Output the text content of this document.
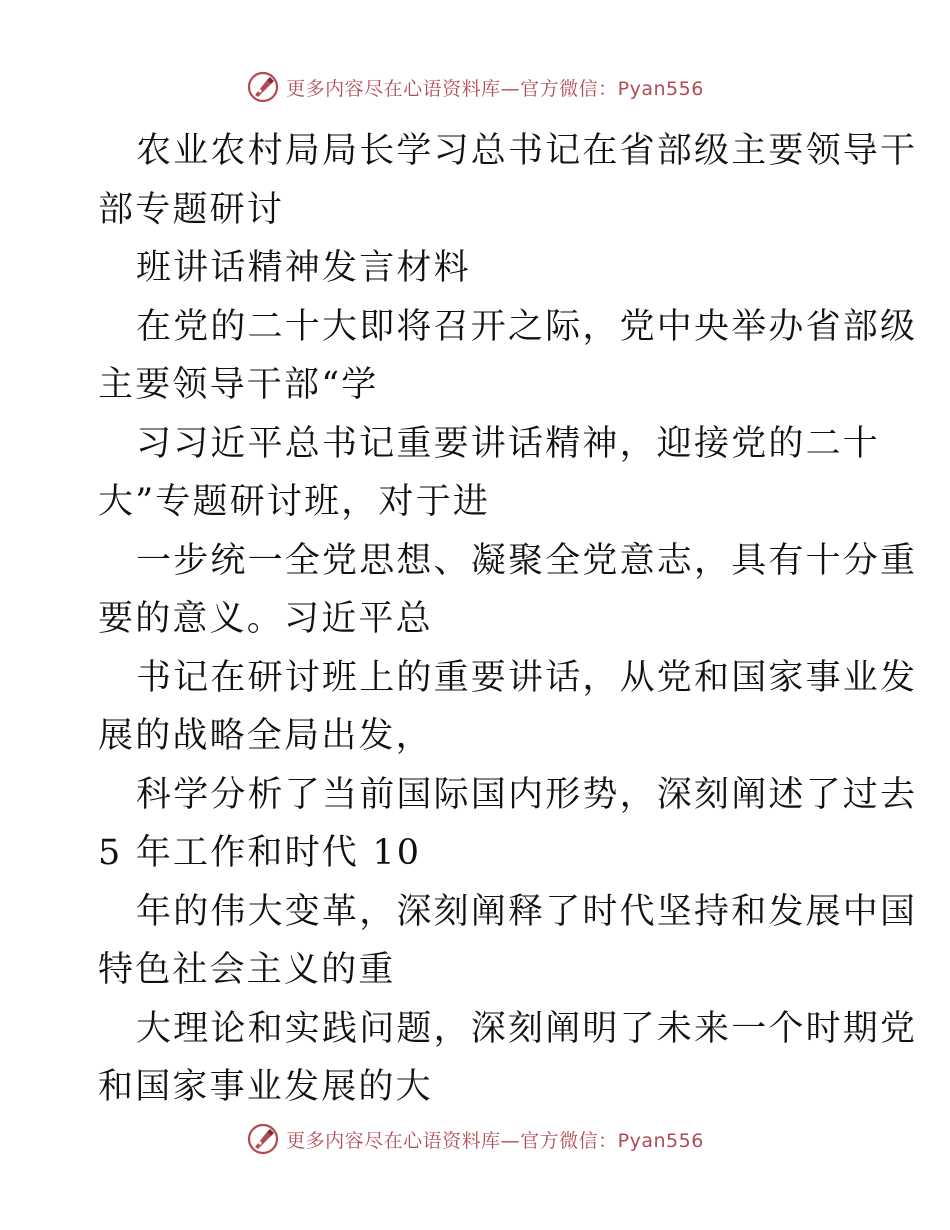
更多内容尽在心语资料库—官方微信：Pyan556
农业农村局局长学习总书记在省部级主要领导干
部专题研讨
班讲话精神发言材料
在党的二十大即将召开之际，党中央举办省部级
主要领导干部“学
习习近平总书记重要讲话精神，迎接党的二十
大”专题研讨班，对于进
一步统一全党思想、凝聚全党意志，具有十分重
要的意义。习近平总
书记在研讨班上的重要讲话，从党和国家事业发
展的战略全局出发，
科学分析了当前国际国内形势，深刻阐述了过去
5 年工作和时代 10
年的伟大变革，深刻阐释了时代坚持和发展中国
特色社会主义的重
大理论和实践问题，深刻阐明了未来一个时期党
和国家事业发展的大
更多内容尽在心语资料库—官方微信：Pyan556
